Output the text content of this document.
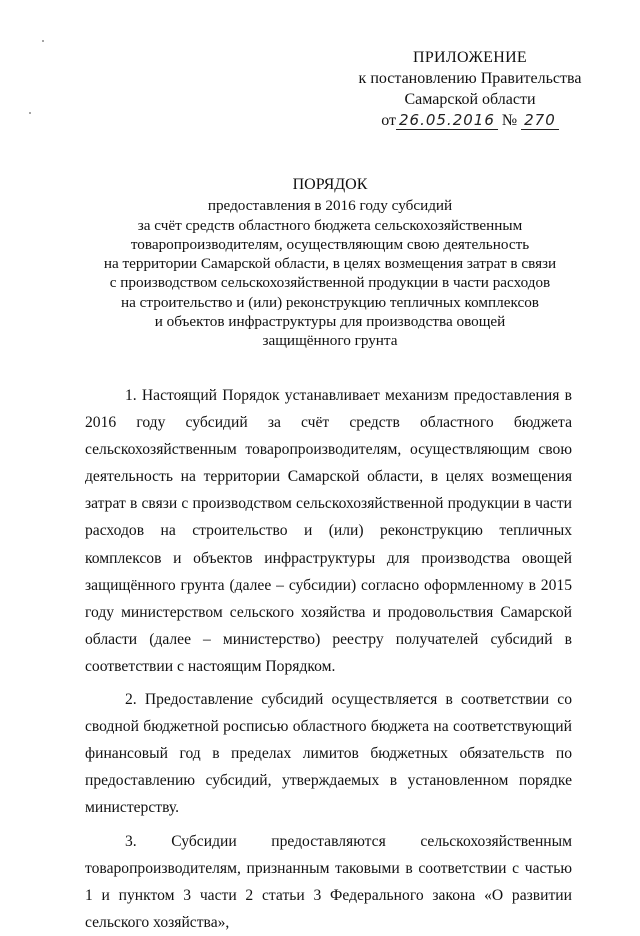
ПРИЛОЖЕНИЕ
к постановлению Правительства
Самарской области
от 26.05.2016 № 270
ПОРЯДОК
предоставления в 2016 году субсидий
за счёт средств областного бюджета сельскохозяйственным
товаропроизводителям, осуществляющим свою деятельность
на территории Самарской области, в целях возмещения затрат в связи
с производством сельскохозяйственной продукции в части расходов
на строительство и (или) реконструкцию тепличных комплексов
и объектов инфраструктуры для производства овощей
защищённого грунта

1. Настоящий Порядок устанавливает механизм предоставления в 2016 году субсидий за счёт средств областного бюджета сельскохозяйственным товаропроизводителям, осуществляющим свою деятельность на территории Самарской области, в целях возмещения затрат в связи с производством сельскохозяйственной продукции в части расходов на строительство и (или) реконструкцию тепличных комплексов и объектов инфраструктуры для производства овощей защищённого грунта (далее – субсидии) согласно оформленному в 2015 году министерством сельского хозяйства и продовольствия Самарской области (далее – министерство) реестру получателей субсидий в соответствии с настоящим Порядком.

2. Предоставление субсидий осуществляется в соответствии со сводной бюджетной росписью областного бюджета на соответствующий финансовый год в пределах лимитов бюджетных обязательств по предоставлению субсидий, утверждаемых в установленном порядке министерству.

3. Субсидии предоставляются сельскохозяйственным товаропроизводителям, признанным таковыми в соответствии с частью 1 и пунктом 3 части 2 статьи 3 Федерального закона «О развитии сельского хозяйства»,
